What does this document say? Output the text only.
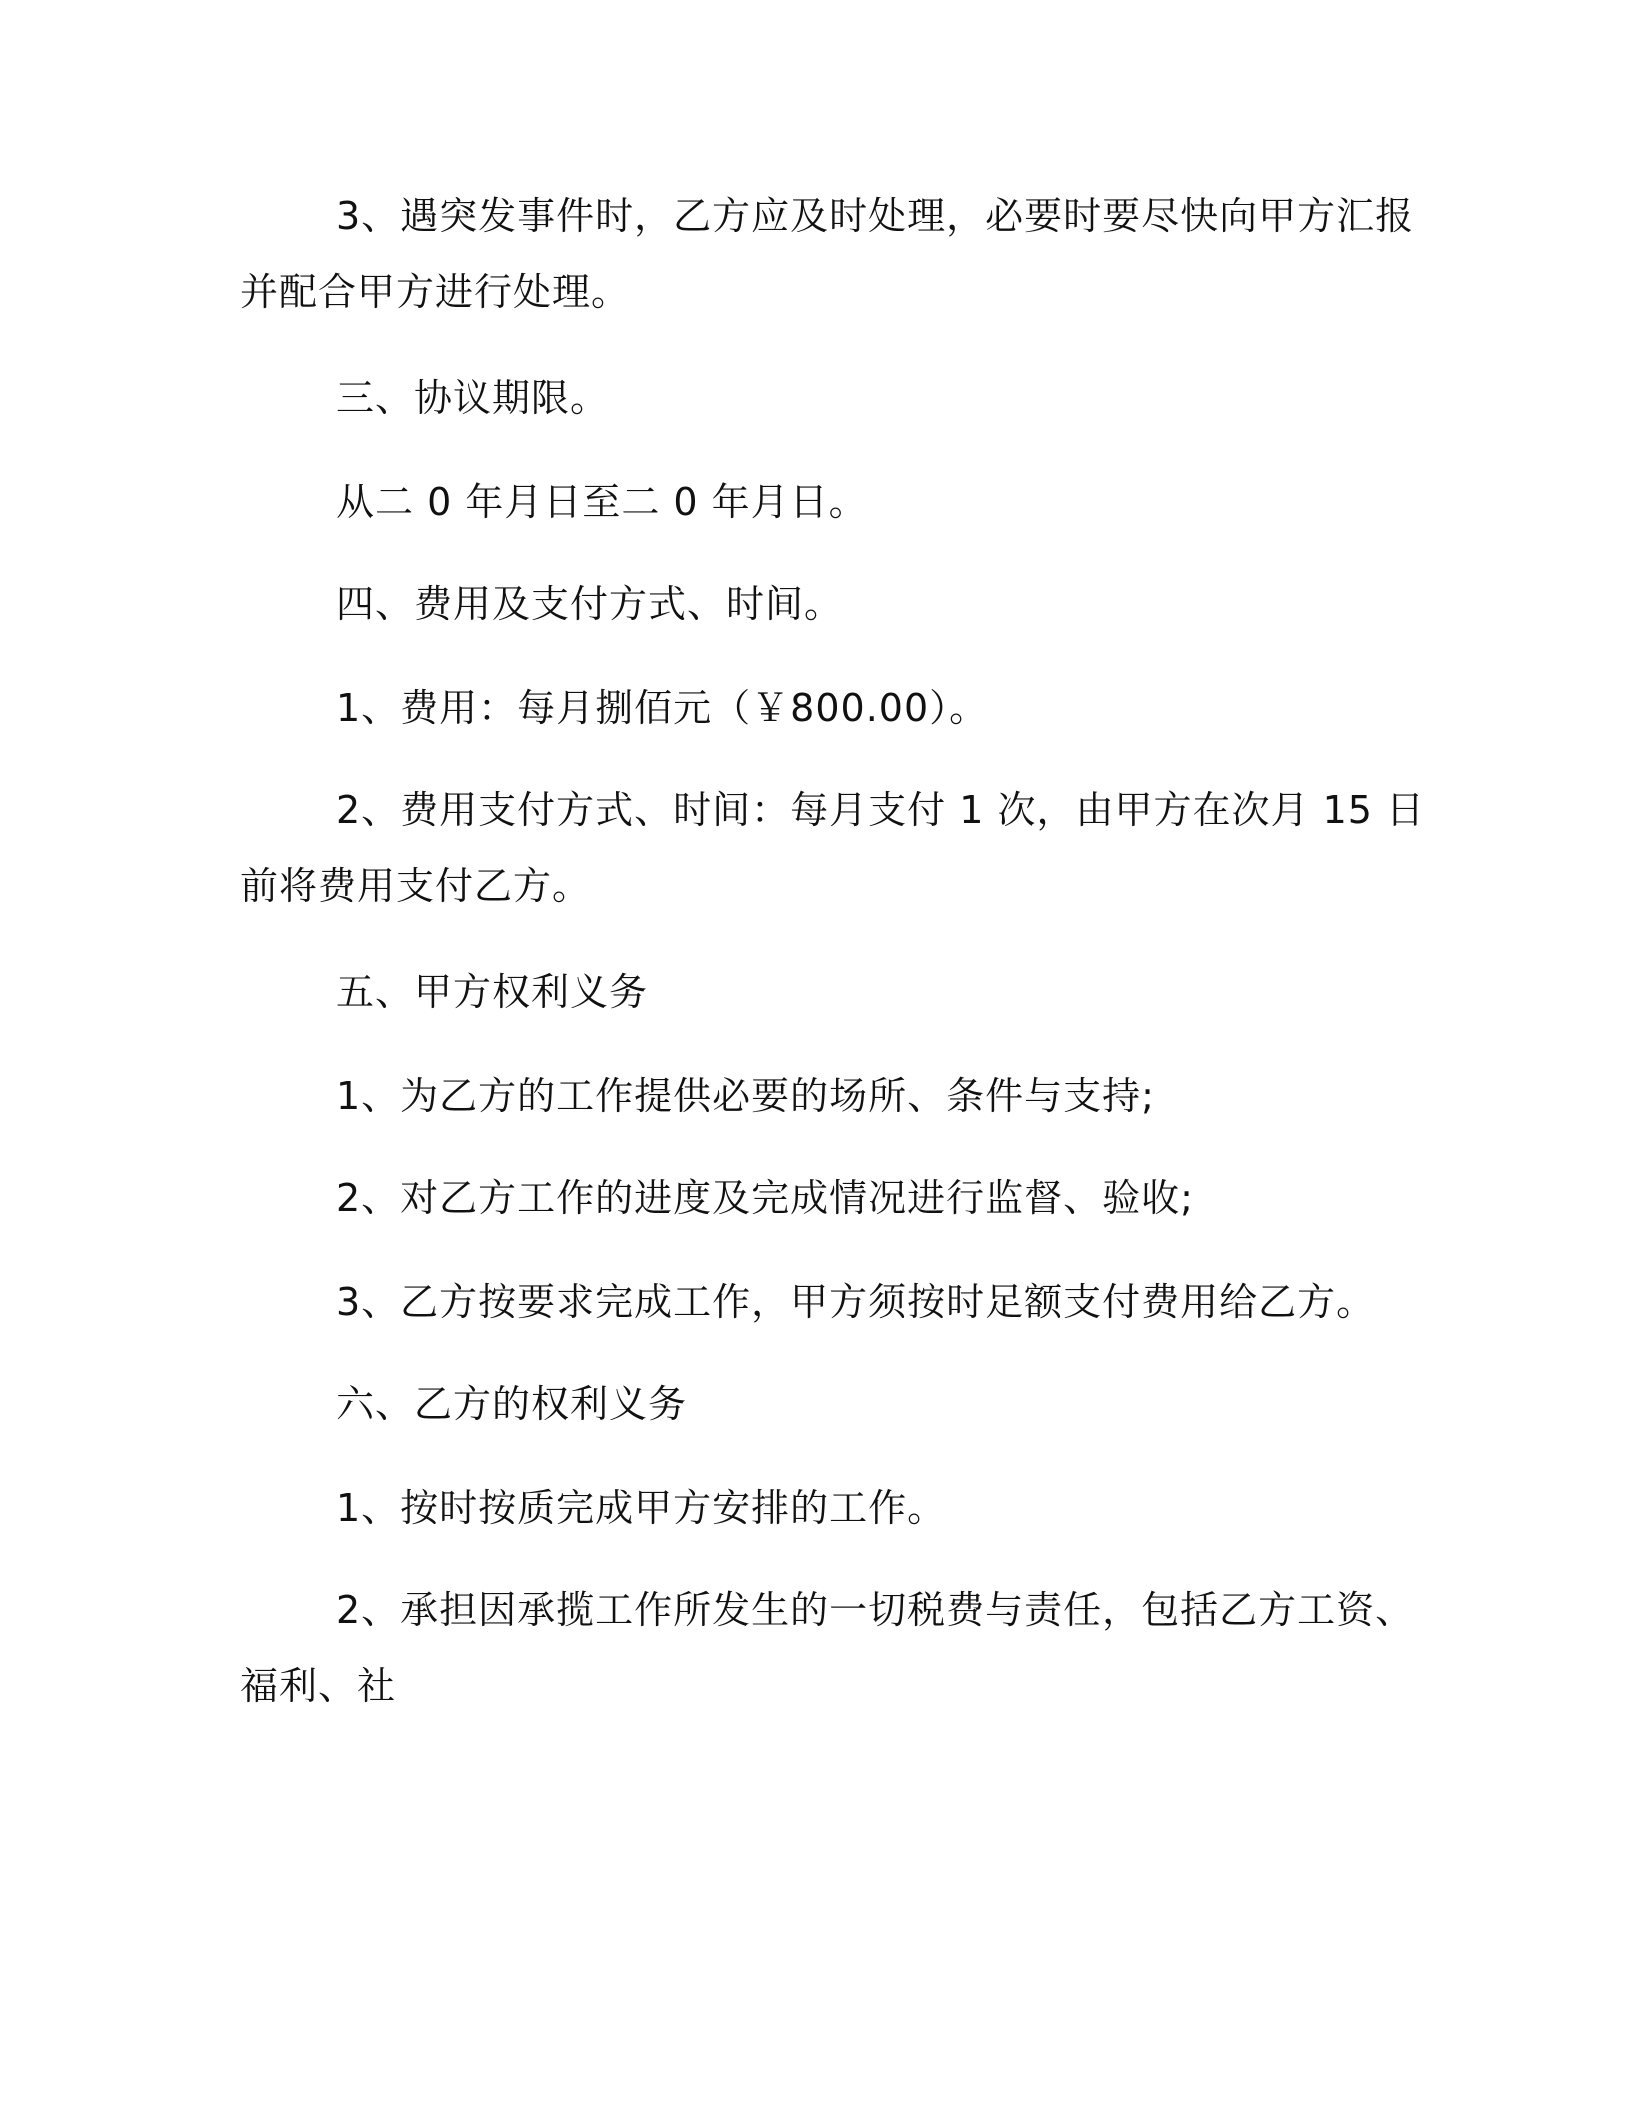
3、遇突发事件时，乙方应及时处理，必要时要尽快向甲方汇报
并配合甲方进行处理。
三、协议期限。
从二 0 年月日至二 0 年月日。
四、费用及支付方式、时间。
1、费用：每月捌佰元（￥800.00）。
2、费用支付方式、时间：每月支付 1 次，由甲方在次月 15 日
前将费用支付乙方。
五、甲方权利义务
1、为乙方的工作提供必要的场所、条件与支持;
2、对乙方工作的进度及完成情况进行监督、验收;
3、乙方按要求完成工作，甲方须按时足额支付费用给乙方。
六、乙方的权利义务
1、按时按质完成甲方安排的工作。
2、承担因承揽工作所发生的一切税费与责任，包括乙方工资、
福利、社
